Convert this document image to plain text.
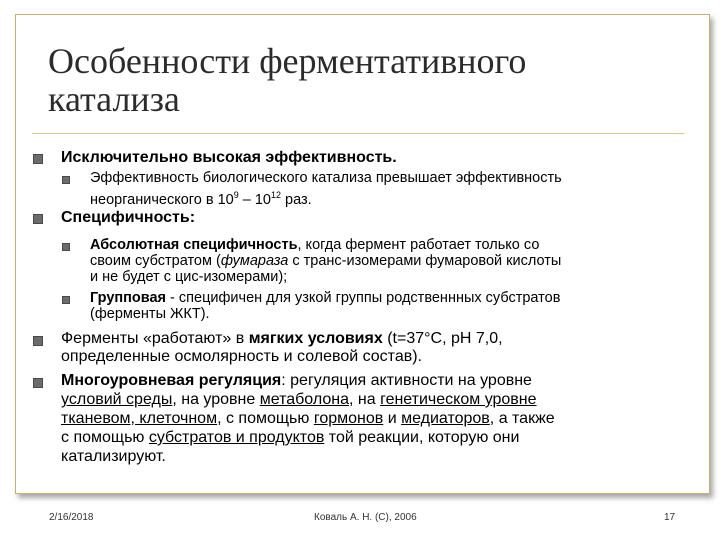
Особенности ферментативного
катализа
Исключительно высокая эффективность.
Эффективность биологического катализа превышает эффективность
неорганического в $10^9 - 10^{12}$ раз.
Специфичность:
Абсолютная специфичность, когда фермент работает только со
своим субстратом (фумараза с транс-изомерами фумаровой кислоты
и не будет с цис-изомерами);
Групповая - специфичен для узкой группы родственнных субстратов
(ферменты ЖКТ).
Ферменты «работают» в мягких условиях (t=37°С, pH 7,0,
определенные осмолярность и солевой состав).
Многоуровневая регуляция: регуляция активности на уровне
условий среды, на уровне метаболона, на генетическом уровне
тканевом, клеточном, с помощью гормонов и медиаторов, а также
с помощью субстратов и продуктов той реакции, которую они
катализируют.
2/16/2018	Коваль А. Н. (С), 2006	17
